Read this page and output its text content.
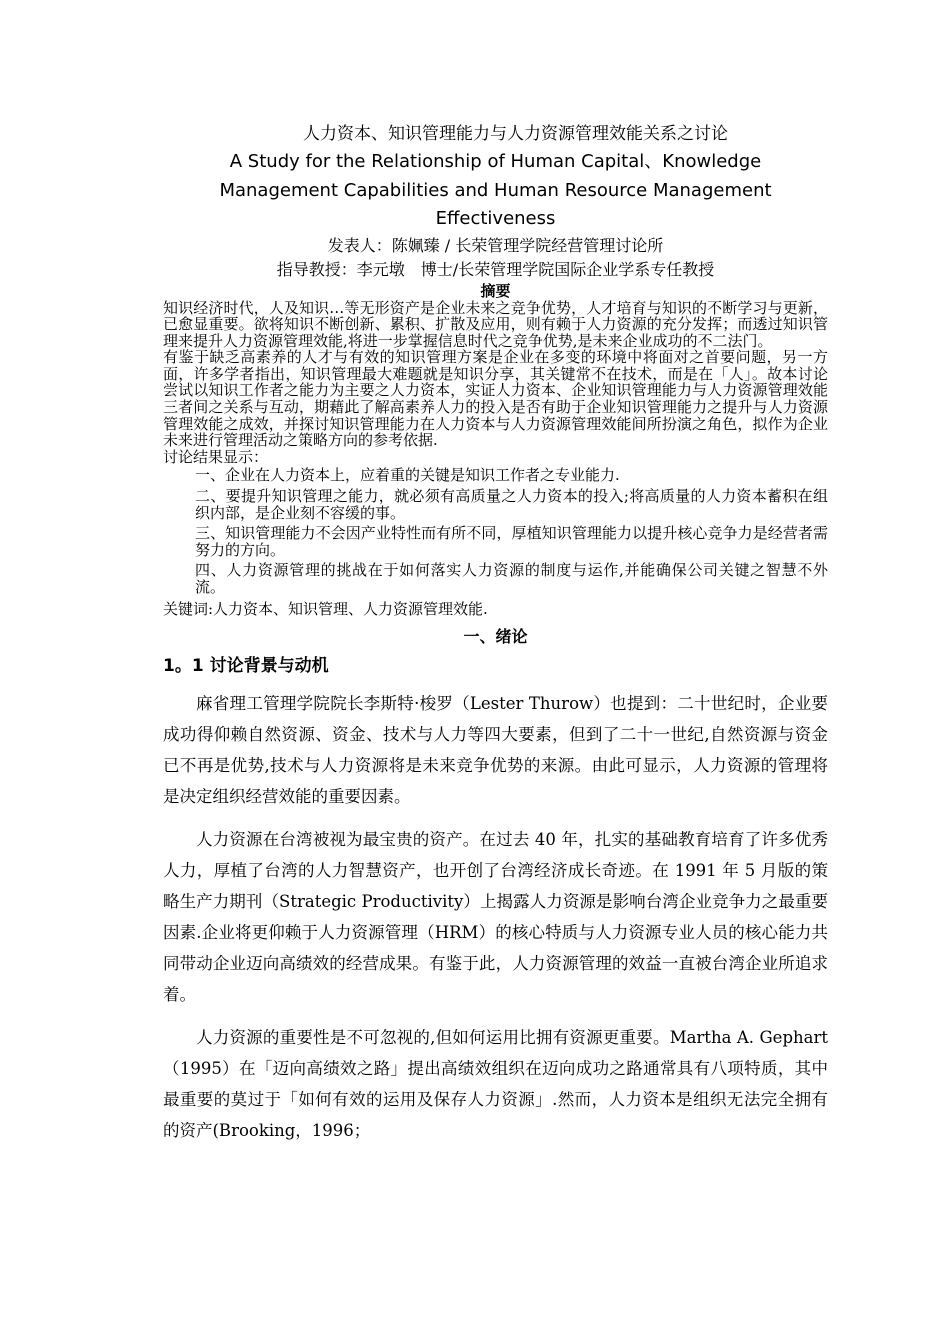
人力资本、知识管理能力与人力资源管理效能关系之讨论

A Study for the Relationship of Human Capital、Knowledge

Management Capabilities and Human Resource Management

Effectiveness

发表人：陈姵臻 / 长荣管理学院经营管理讨论所

指导教授：李元墩　博士/长荣管理学院国际企业学系专任教授

摘要

知识经济时代，人及知识…等无形资产是企业未来之竞争优势，人才培育与知识的不断学习与更新，已愈显重要。欲将知识不断创新、累积、扩散及应用，则有赖于人力资源的充分发挥；而透过知识管理来提升人力资源管理效能,将进一步掌握信息时代之竞争优势,是未来企业成功的不二法门。

有鉴于缺乏高素养的人才与有效的知识管理方案是企业在多变的环境中将面对之首要问题，另一方面，许多学者指出，知识管理最大难题就是知识分享，其关键常不在技术，而是在「人」。故本讨论尝试以知识工作者之能力为主要之人力资本，实证人力资本、企业知识管理能力与人力资源管理效能三者间之关系与互动，期藉此了解高素养人力的投入是否有助于企业知识管理能力之提升与人力资源管理效能之成效，并探讨知识管理能力在人力资本与人力资源管理效能间所扮演之角色，拟作为企业未来进行管理活动之策略方向的参考依据.

讨论结果显示：

一、企业在人力资本上，应着重的关键是知识工作者之专业能力.

二、要提升知识管理之能力，就必须有高质量之人力资本的投入;将高质量的人力资本蓄积在组织内部，是企业刻不容缓的事。

三、知识管理能力不会因产业特性而有所不同，厚植知识管理能力以提升核心竞争力是经营者需努力的方向。

四、人力资源管理的挑战在于如何落实人力资源的制度与运作,并能确保公司关键之智慧不外流。

关键词:人力资本、知识管理、人力资源管理效能.

一、绪论

1。1 讨论背景与动机

麻省理工管理学院院长李斯特·梭罗（Lester Thurow）也提到：二十世纪时，企业要成功得仰赖自然资源、资金、技术与人力等四大要素，但到了二十一世纪,自然资源与资金已不再是优势,技术与人力资源将是未来竞争优势的来源。由此可显示，人力资源的管理将是决定组织经营效能的重要因素。

人力资源在台湾被视为最宝贵的资产。在过去 40 年，扎实的基础教育培育了许多优秀人力，厚植了台湾的人力智慧资产，也开创了台湾经济成长奇迹。在 1991 年 5 月版的策略生产力期刊（Strategic Productivity）上揭露人力资源是影响台湾企业竞争力之最重要因素.企业将更仰赖于人力资源管理（HRM）的核心特质与人力资源专业人员的核心能力共同带动企业迈向高绩效的经营成果。有鉴于此，人力资源管理的效益一直被台湾企业所追求着。

人力资源的重要性是不可忽视的,但如何运用比拥有资源更重要。Martha A. Gephart（1995）在「迈向高绩效之路」提出高绩效组织在迈向成功之路通常具有八项特质，其中最重要的莫过于「如何有效的运用及保存人力资源」.然而，人力资本是组织无法完全拥有的资产(Brooking，1996；
